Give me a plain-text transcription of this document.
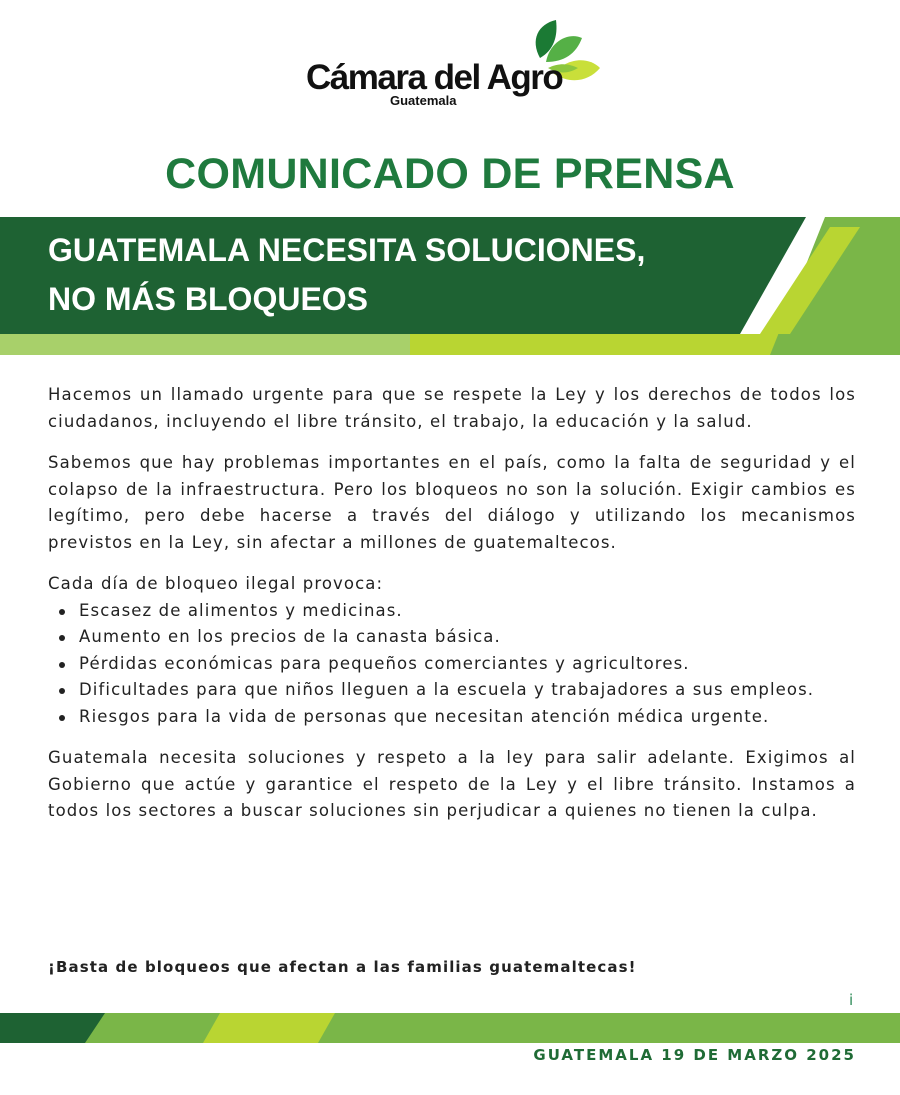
Cámara del Agro
Guatemala
COMUNICADO DE PRENSA
GUATEMALA NECESITA SOLUCIONES,
NO MÁS BLOQUEOS

Hacemos un llamado urgente para que se respete la Ley y los derechos de todos los ciudadanos, incluyendo el libre tránsito, el trabajo, la educación y la salud.

Sabemos que hay problemas importantes en el país, como la falta de seguridad y el colapso de la infraestructura. Pero los bloqueos no son la solución. Exigir cambios es legítimo, pero debe hacerse a través del diálogo y utilizando los mecanismos previstos en la Ley, sin afectar a millones de guatemaltecos.

Cada día de bloqueo ilegal provoca:

Escasez de alimentos y medicinas.
Aumento en los precios de la canasta básica.
Pérdidas económicas para pequeños comerciantes y agricultores.
Dificultades para que niños lleguen a la escuela y trabajadores a sus empleos.
Riesgos para la vida de personas que necesitan atención médica urgente.

Guatemala necesita soluciones y respeto a la ley para salir adelante. Exigimos al Gobierno que actúe y garantice el respeto de la Ley y el libre tránsito. Instamos a todos los sectores a buscar soluciones sin perjudicar a quienes no tienen la culpa.

¡Basta de bloqueos que afectan a las familias guatemaltecas!
i
GUATEMALA 19 DE MARZO 2025
